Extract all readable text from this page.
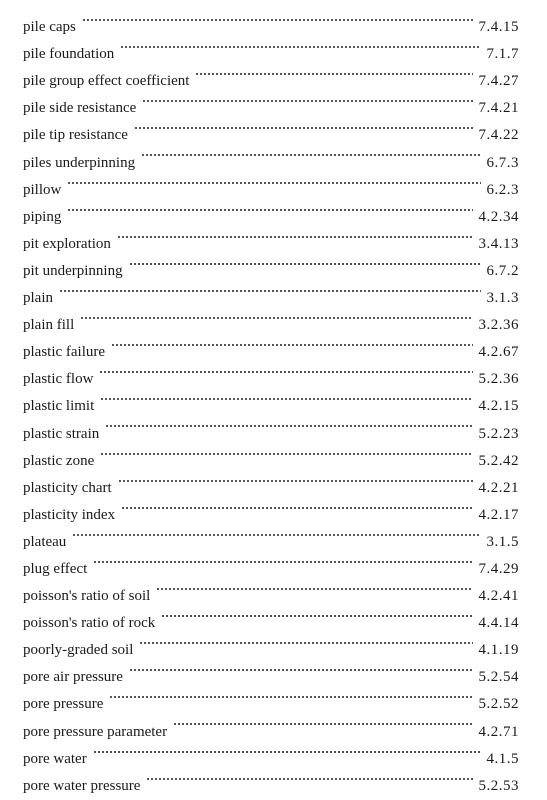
pile caps	7.4.15
pile foundation	7.1.7
pile group effect coefficient	7.4.27
pile side resistance	7.4.21
pile tip resistance	7.4.22
piles underpinning	6.7.3
pillow	6.2.3
piping	4.2.34
pit exploration	3.4.13
pit underpinning	6.7.2
plain	3.1.3
plain fill	3.2.36
plastic failure	4.2.67
plastic flow	5.2.36
plastic limit	4.2.15
plastic strain	5.2.23
plastic zone	5.2.42
plasticity chart	4.2.21
plasticity index	4.2.17
plateau	3.1.5
plug effect	7.4.29
poisson's ratio of soil	4.2.41
poisson's ratio of rock	4.4.14
poorly-graded soil	4.1.19
pore air pressure	5.2.54
pore pressure	5.2.52
pore pressure parameter	4.2.71
pore water	4.1.5
pore water pressure	5.2.53
